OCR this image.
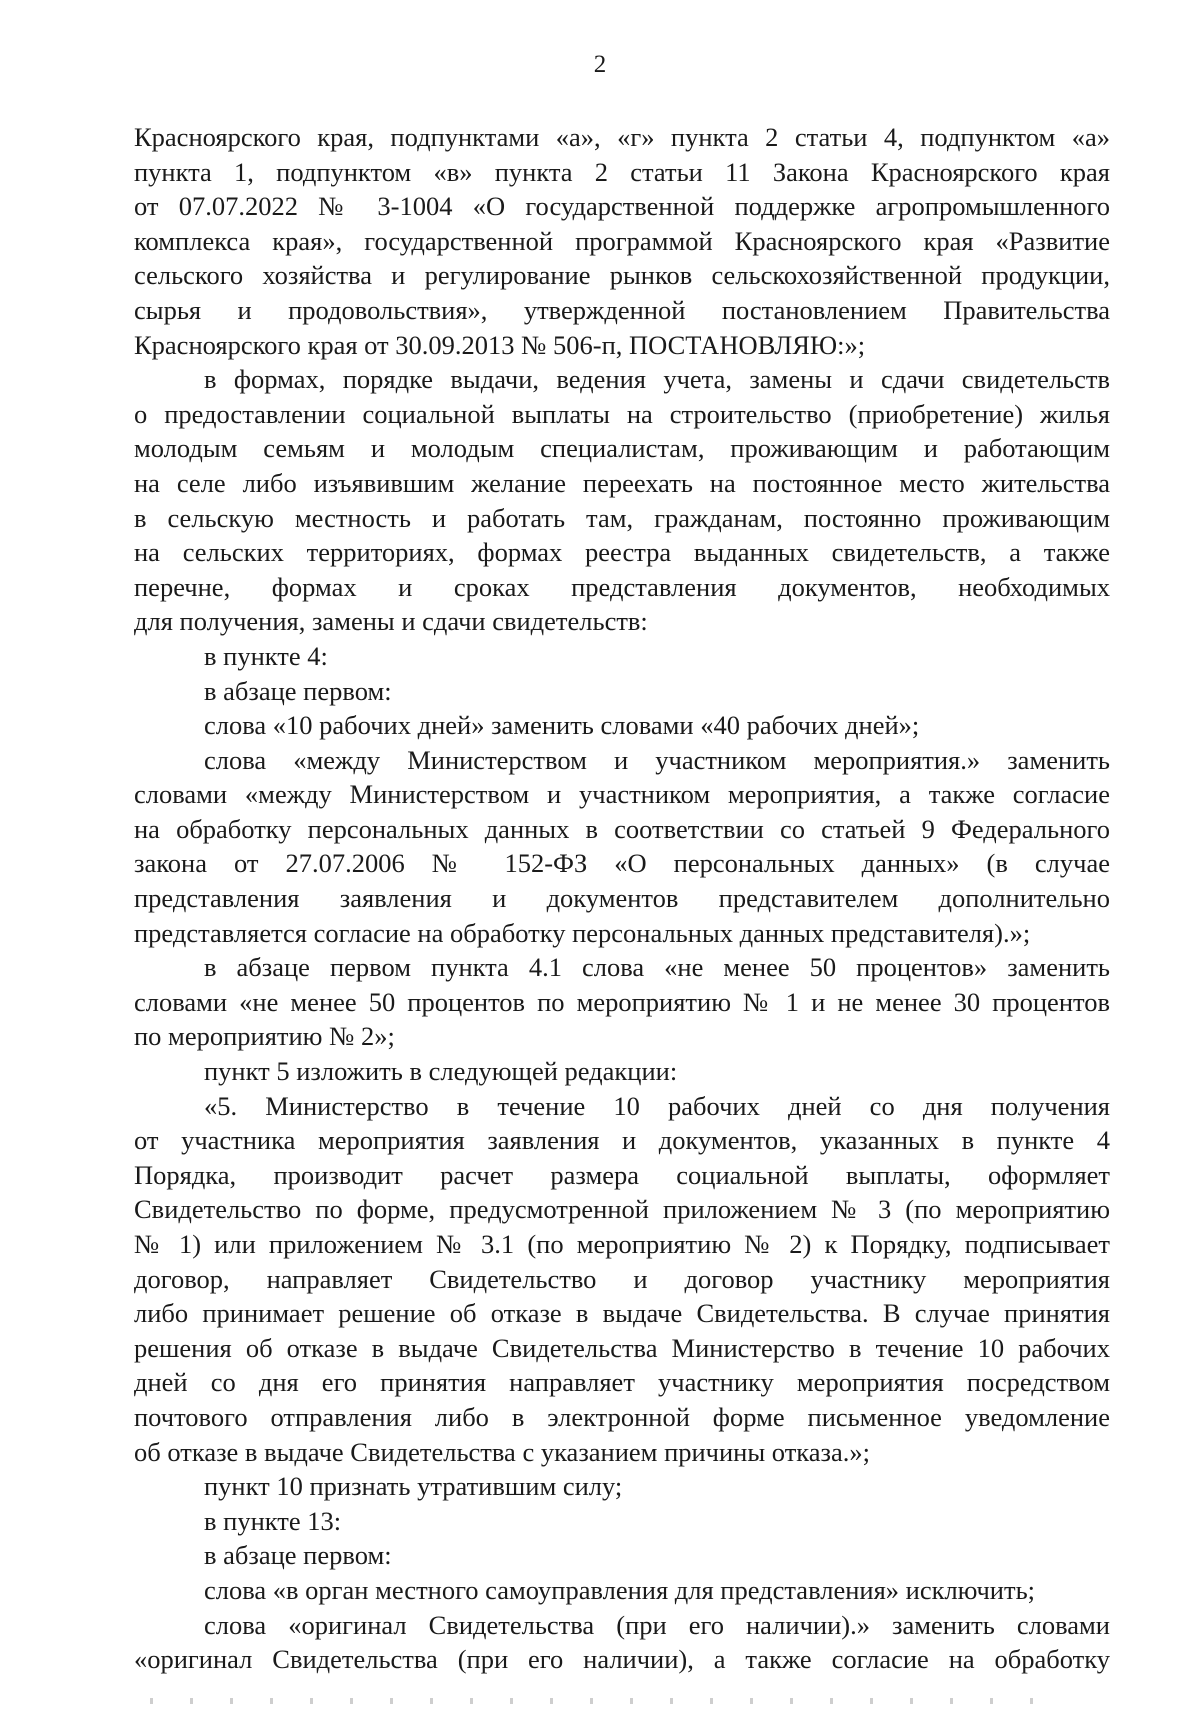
2
Красноярского края, подпунктами «а», «г» пункта 2 статьи 4, подпунктом «а»
пункта 1, подпунктом «в» пункта 2 статьи 11 Закона Красноярского края
от 07.07.2022 № 3-1004 «О государственной поддержке агропромышленного
комплекса края», государственной программой Красноярского края «Развитие
сельского хозяйства и регулирование рынков сельскохозяйственной продукции,
сырья и продовольствия», утвержденной постановлением Правительства
Красноярского края от 30.09.2013 № 506-п, ПОСТАНОВЛЯЮ:»;
в формах, порядке выдачи, ведения учета, замены и сдачи свидетельств
о предоставлении социальной выплаты на строительство (приобретение) жилья
молодым семьям и молодым специалистам, проживающим и работающим
на селе либо изъявившим желание переехать на постоянное место жительства
в сельскую местность и работать там, гражданам, постоянно проживающим
на сельских территориях, формах реестра выданных свидетельств, а также
перечне, формах и сроках представления документов, необходимых
для получения, замены и сдачи свидетельств:
в пункте 4:
в абзаце первом:
слова «10 рабочих дней» заменить словами «40 рабочих дней»;
слова «между Министерством и участником мероприятия.» заменить
словами «между Министерством и участником мероприятия, а также согласие
на обработку персональных данных в соответствии со статьей 9 Федерального
закона от 27.07.2006 № 152-ФЗ «О персональных данных» (в случае
представления заявления и документов представителем дополнительно
представляется согласие на обработку персональных данных представителя).»;
в абзаце первом пункта 4.1 слова «не менее 50 процентов» заменить
словами «не менее 50 процентов по мероприятию № 1 и не менее 30 процентов
по мероприятию № 2»;
пункт 5 изложить в следующей редакции:
«5. Министерство в течение 10 рабочих дней со дня получения
от участника мероприятия заявления и документов, указанных в пункте 4
Порядка, производит расчет размера социальной выплаты, оформляет
Свидетельство по форме, предусмотренной приложением № 3 (по мероприятию
№ 1) или приложением № 3.1 (по мероприятию № 2) к Порядку, подписывает
договор, направляет Свидетельство и договор участнику мероприятия
либо принимает решение об отказе в выдаче Свидетельства. В случае принятия
решения об отказе в выдаче Свидетельства Министерство в течение 10 рабочих
дней со дня его принятия направляет участнику мероприятия посредством
почтового отправления либо в электронной форме письменное уведомление
об отказе в выдаче Свидетельства с указанием причины отказа.»;
пункт 10 признать утратившим силу;
в пункте 13:
в абзаце первом:
слова «в орган местного самоуправления для представления» исключить;
слова «оригинал Свидетельства (при его наличии).» заменить словами
«оригинал Свидетельства (при его наличии), а также согласие на обработку
